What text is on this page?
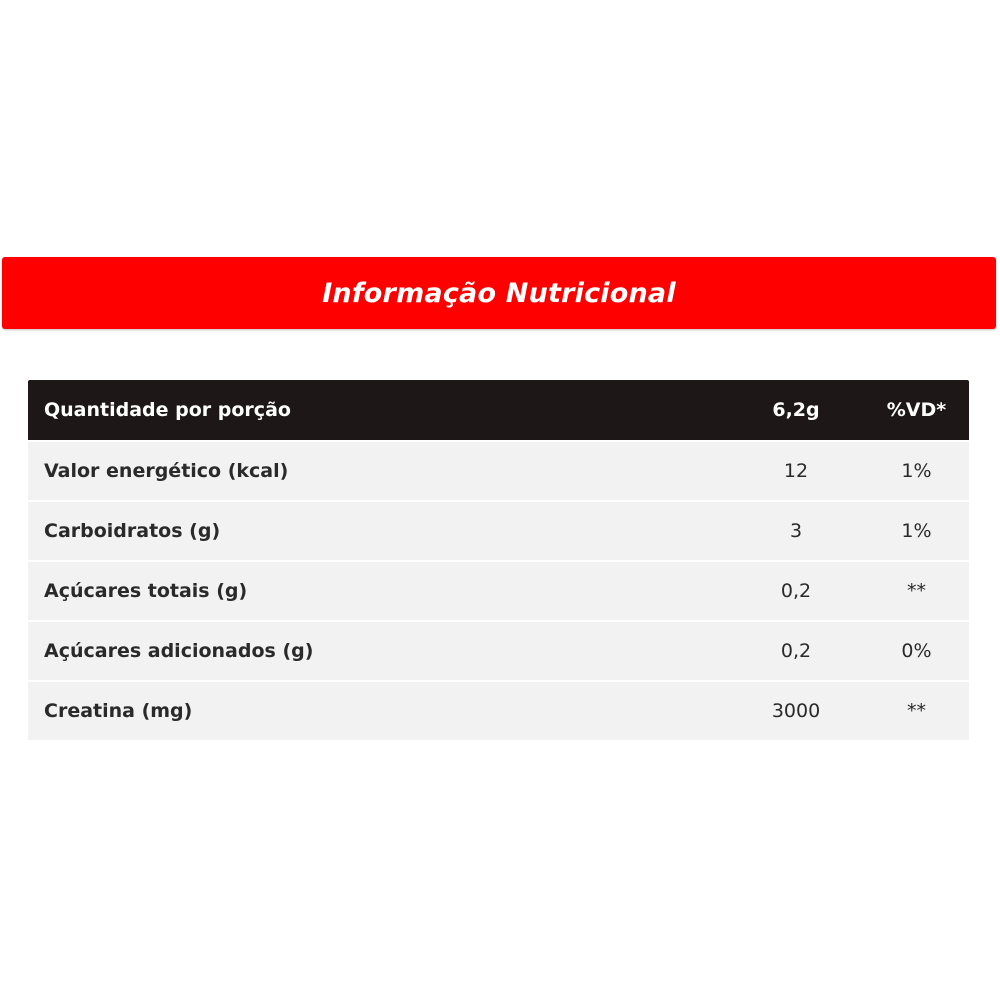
Informação Nutricional
Quantidade por porção	6,2g	%VD*
Valor energético (kcal)	12	1%
Carboidratos (g)	3	1%
Açúcares totais (g)	0,2	**
Açúcares adicionados (g)	0,2	0%
Creatina (mg)	3000	**
